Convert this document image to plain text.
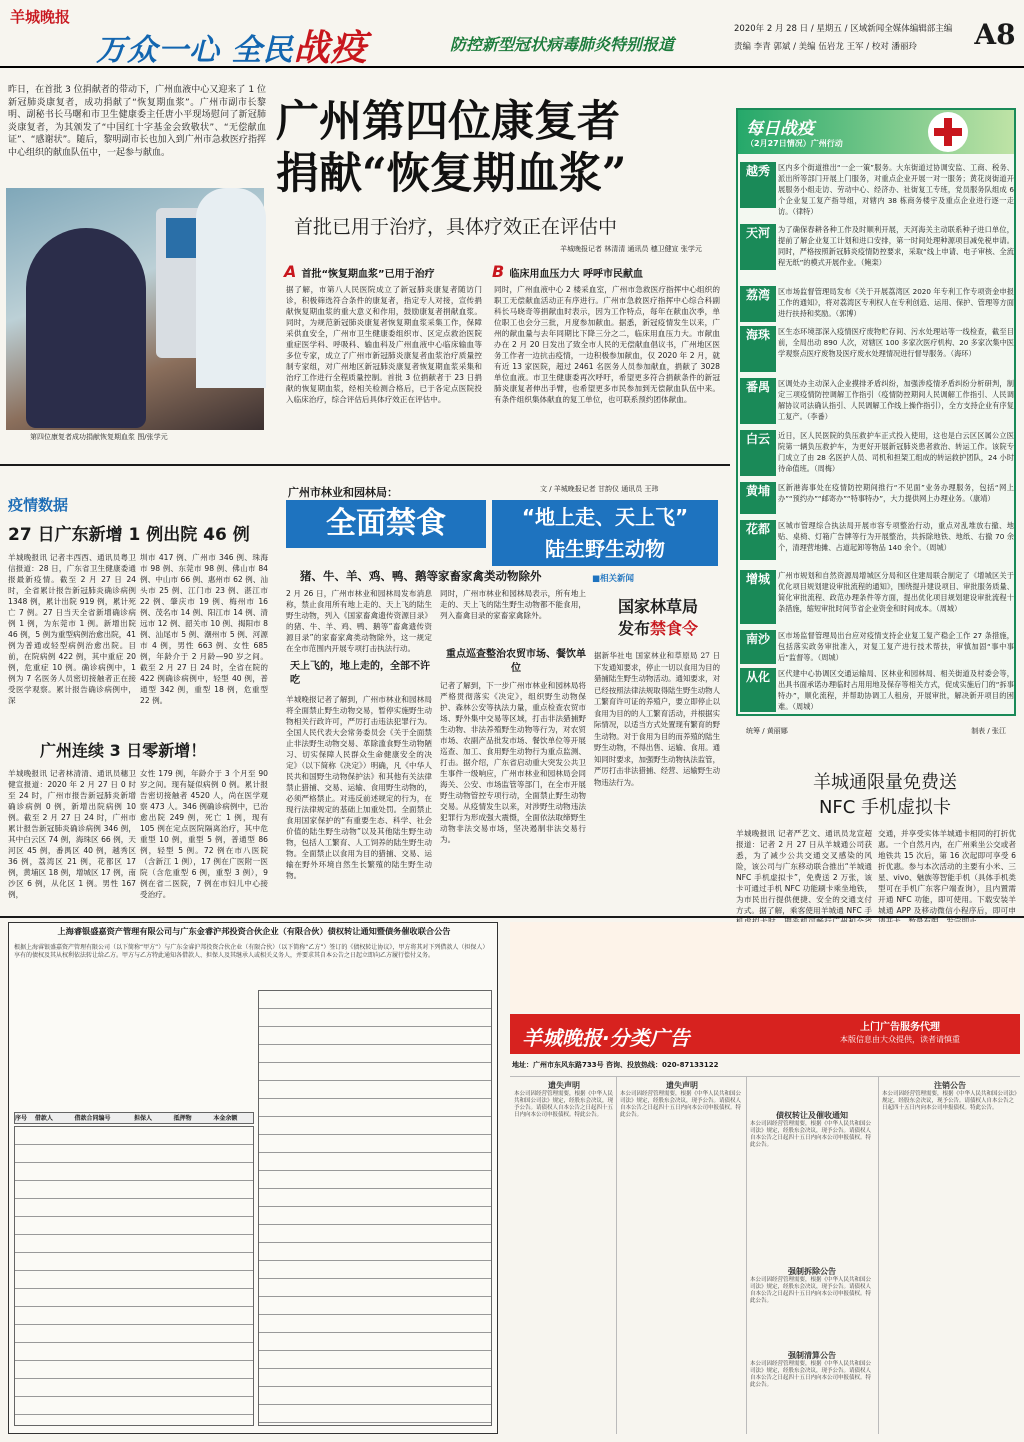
羊城晚报
万众一心 全民战疫	防控新型冠状病毒肺炎特别报道
2020年 2 月 28 日 / 星期五 / 区域新闻全媒体编辑部主编
责编 李青 郭斌 / 美编 伍岩龙 王军 / 校对 潘丽玲	A8
昨日，在首批 3 位捐献者的带动下，广州血液中心又迎来了 1 位新冠肺炎康复者，成功捐献了“恢复期血浆”。广州市副市长黎明、副秘书长马曙和市卫生健康委主任唐小平现场慰问了新冠肺炎康复者，为其颁发了“中国红十字基金会致敬状”、“无偿献血证”、“感谢状”。随后，黎明副市长也加入到广州市急救医疗指挥中心组织的献血队伍中，一起参与献血。
第四位康复者成功捐献恢复期血浆 图/张学元
广州第四位康复者
捐献“恢复期血浆”
首批已用于治疗，具体疗效正在评估中
羊城晚报记者 林清清 通讯员 穗卫健宣 张学元
A 首批“恢复期血浆”已用于治疗	B 临床用血压力大 呼呼市民献血
据了解，市第八人民医院成立了新冠肺炎康复者随访门诊，积极筛选符合条件的康复者，指定专人对接，宣传捐献恢复期血浆的重大意义和作用，鼓励康复者捐献血浆。同时，为规范新冠肺炎康复者恢复期血浆采集工作，保障采供血安全，广州市卫生健康委组织市、区定点救治医院重症医学科、呼吸科、输血科及广州血液中心临床输血等多位专家，成立了广州市新冠肺炎康复者血浆治疗质量控制专家组，对广州地区新冠肺炎康复者恢复期血浆采集和治疗工作进行全程质量控制。首批 3 位捐献者于 23 日捐献的恢复期血浆，经相关检测合格后，已于各定点医院投入临床治疗，综合评估后具体疗效正在评估中。
同时，广州血液中心 2 楼采血室，广州市急救医疗指挥中心组织的职工无偿献血活动正有序进行。广州市急救医疗指挥中心综合科副科长马晓奇等捐献血时表示，因为工作特点，每年在献血次季，单位职工也会分三批，月度参加献血。据悉，新冠疫情发生以来，广州的献血量与去年同期比下降三分之二，临床用血压力大。市献血办在 2 月 20 日发出了致全市人民的无偿献血倡议书，广州地区医务工作者一边抗击疫情，一边积极参加献血，仅 2020 年 2 月，就有近 13 家医院，超过 2461 名医务人员参加献血，捐献了 3028 单位血液。市卫生健康委再次呼吁，希望更多符合捐献条件的新冠肺炎康复者伸出手臂，也希望更多市民参加到无偿献血队伍中来。有条件组织集体献血的复工单位，也可联系预约团体献血。
每日战疫
（2月27日情况）广州行动
越秀	区内多个街道推出“一企一策”服务。大东街道过协调安监、工商、税务、派出所等部门开展上门服务，对重点企业开展一对一服务；黄花岗街道开展服务小组走访、劳动中心、经济办、社街复工专班，党员服务队组成 6 个企业复工复产指导组，对辖内 38 栋商务楼宇及重点企业进行逐一走访。（律特）
天河	为了确保春耕各种工作及时顺利开展，天河海关主动联系种子进口单位，提前了解企业复工计划和进口安排，第一时间处理种源项目减免税申请。同时，严格按照新冠肺炎疫情防控要求，采取“线上申请、电子审核、全流程无纸”的模式开展作业。（鲍栾）
荔湾	区市场监督管理局发布《关于开展荔湾区 2020 年专利工作专项资金申报工作的通知》，将对荔湾区专利权人在专利创造、运用、保护、管理等方面进行扶持和奖励。（郭博）
海珠	区生态环境部深入疫情医疗废物贮存间、污水处理站等一线检查，截至目前，全局出动 890 人次，对辖区 100 多家次医疗机构、20 多家次集中医学观察点医疗废物及医疗废水处理情况进行督导服务。（海环）
番禺	区调处办主动深入企业摸排矛盾纠纷，加强涉疫情矛盾纠纷分析研判，制定三项疫情防控调解工作指引（疫情防控期间人民调解工作指引、人民调解协议司法确认指引、人民调解工作线上操作指引），全方支持企业有序复工复产。（李番）
白云	近日，区人民医院的负压救护车正式投入使用，这也是白云区区属公立医院第一辆负压救护车，为更好开展新冠肺炎患者救治、转运工作。该院专门成立了由 28 名医护人员、司机和担架工组成的转运救护团队，24 小时待命值班。（周梅）
黄埔	区新港海事处在疫情防控期间推行“不见面”业务办理服务，包括“网上办”“预约办”“邮寄办”“特事特办”，大力提供网上办理业务。（康靖）
花都	区城市管理综合执法局开展市容专项整治行动，重点对乱堆放右撤、地贴、桌椅、灯箱广告牌等行为开展整治，共拆除地铁、地纸、右撤 70 余个，清理营地摊、占道起卸等物品 140 余个。（周城）
增城	广州市规划和自然资源局增城区分局和区住建局联合制定了《增城区关于优化项目规划建设审批流程的通知》，围绕提升建设项目、审批服务质量、简化审批流程、政范办理条件等方面，提出优化项目规划建设审批流程十条措施，缩短审批时间节省企业资金和时间成本。（周城）
南沙	区市场监督管理局出台应对疫情支持企业复工复产稳企工作 27 条措施，包括落实政务审批准入，对复工复产进行技术帮扶，审慎加固“事中事后”监督等。（周城）
从化	区代建中心协调区交通运输局、区林业和园林局、相关街道及村委会等，出具书面承诺办理临时占用用地及保存等相关方式，促成实施后门的“拆事特办”，顺化流程，并帮助协调工人租房，开展审批，解决新开项目的困难。（周城）
统筹 / 黄丽娜	制表 / 张江
疫情数据
27 日广东新增 1 例出院 46 例
羊城晚报讯 记者丰西西、通讯员粤卫信报道：28 日，广东省卫生健康委通报最新疫情。截至 2 月 27 日 24 时，全省累计报告新冠肺炎确诊病例 1348 例，累计出院 919 例，累计死亡 7 例。27 日当天全省新增确诊病例 1 例，为东莞市 1 例。新增出院 46 例，5 例为重型病例治愈出院，41 例为普通或轻型病例治愈出院。目前，在院病例 422 例，其中重症 20 例，危重症 10 例。确诊病例中，1 例为 7 名医务人员密切接触者正在接受医学观察。累计报告确诊病例中，深
圳市 417 例、广州市 346 例、珠海市 98 例、东莞市 98 例、佛山市 84 例、中山市 66 例、惠州市 62 例、汕头市 25 例、江门市 23 例、湛江市 22 例、肇庆市 19 例、梅州市 16 例、茂名市 14 例、阳江市 14 例、清远市 12 例、韶关市 10 例、揭阳市 8 例、汕尾市 5 例、潮州市 5 例、河源市 4 例，男性 663 例、女性 685 例，年龄介于 2 月龄—90 岁之间。截至 2 月 27 日 24 时，全省在院的 422 例确诊病例中，轻型 40 例，普通型 342 例，重型 18 例，危重型 22 例。
广州连续 3 日零新增！
羊城晚报讯 记者林清清、通讯员穗卫健宣报道：2020 年 2 月 27 日 0 时至 24 时，广州市报告新冠肺炎新增确诊病例 0 例，新增出院病例 10 例。截至 2 月 27 日 24 时，广州市累计报告新冠肺炎确诊病例 346 例，其中白云区 74 例，海珠区 66 例，天河区 45 例，番禺区 40 例，越秀区 36 例，荔湾区 21 例，花都区 17 例，黄埔区 18 例，增城区 17 例，南沙区 6 例，从化区 1 例。男性 167 例，
女性 179 例，年龄介于 3 个月至 90 岁之间。现有疑似病例 0 例。累计报告密切接触者 4520 人，尚在医学观察 473 人。346 例确诊病例中，已治愈出院 249 例，死亡 1 例，现有 105 例在定点医院隔离治疗，其中危重型 10 例，重型 5 例，普通型 86 例，轻型 5 例。72 例在市八医院（含新江 1 例），17 例在广医附一医院（含危重型 6 例，重型 3 例），9 例在省二医院，7 例在市妇儿中心接受治疗。
广州市林业和园林局：	文 / 羊城晚报记者 甘韵仪 通讯员 王玮
全面禁食	“地上走、天上飞”
陆生野生动物
猪、牛、羊、鸡、鸭、鹅等家畜家禽类动物除外
2 月 26 日，广州市林业和园林局发布消息称，禁止食用所有地上走的、天上飞的陆生野生动物，列入《国家畜禽遗传资源目录》的猪、牛、羊、鸡、鸭、鹅等“畜禽遗传资源目录”的家畜家禽类动物除外，这一规定在全市范围内开展专项打击执法行动。
天上飞的，地上走的，全部不许吃
羊城晚报记者了解到，广州市林业和园林局将全面禁止野生动物交易，暂停实施野生动物相关行政许可，严厉打击违法犯罪行为。全国人民代表大会常务委员会《关于全面禁止非法野生动物交易、革除滥食野生动物陋习、切实保障人民群众生命健康安全的决定》（以下简称《决定》）明确，凡《中华人民共和国野生动物保护法》和其他有关法律禁止猎捕、交易、运输、食用野生动物的，必须严格禁止。对违反前述规定的行为，在现行法律规定的基础上加重处罚。全面禁止食用国家保护的“有重要生态、科学、社会价值的陆生野生动物”以及其他陆生野生动物，包括人工繁育、人工饲养的陆生野生动物。全面禁止以食用为目的猎捕、交易、运输在野外环境自然生长繁殖的陆生野生动物。
同时，广州市林业和园林局表示，所有地上走的、天上飞的陆生野生动物都不能食用，列入畜禽目录的家畜家禽除外。
重点巡查整治农贸市场、餐饮单位
记者了解到，下一步广州市林业和园林局将严格贯彻落实《决定》，组织野生动物保护、森林公安等执法力量，重点检查农贸市场、野外集中交易等区域，打击非法猎捕野生动物、非法养殖野生动物等行为，对农贸市场、农副产品批发市场、餐饮单位等开展巡查、加工、食用野生动物行为重点监测、打击。据介绍，广东省启动重大突发公共卫生事件一级响应，广州市林业和园林局会同海关、公安、市场监管等部门，在全市开展野生动物管控专项行动，全面禁止野生动物交易。从疫情发生以来，对涉野生动物违法犯罪行为形成强大震慑，全面依法取缔野生动物非法交易市场，坚决遏制非法交易行为。
■相关新闻
国家林草局
发布禁食令
据新华社电 国家林业和草原局 27 日下发通知要求，停止一切以食用为目的猎捕陆生野生动物活动。通知要求，对已经按照法律法规取得陆生野生动物人工繁育许可证的养殖户，要立即停止以食用为目的的人工繁育活动，并根据实际情况，以适当方式处置现有繁育的野生动物。对于食用为目的而养殖的陆生野生动物，不得出售、运输、食用。通知同时要求，加强野生动物执法监管，严厉打击非法猎捕、经营、运输野生动物违法行为。	羊城通限量免费送
NFC 手机虚拟卡
羊城晚报讯 记者严艺文、通讯员龙宣超报道：记者 2 月 27 日从羊城通公司获悉，为了减少公共交通交叉感染的风险，该公司与广东移动联合推出“羊城通 NFC 手机虚拟卡”，免费送 2 万张，该卡可通过手机 NFC 功能刷卡乘坐地铁，为市民出行提供便捷、安全的交通支付方式。据了解，乘客使用羊城通 NFC 手
交通，并享受实体羊城通卡相同的打折优惠。一个自然月内，在广州乘坐公交或者地铁共 15 次后，第 16 次起即可享受 6 折优惠。参与本次活动的主要有小米、三星、vivo、魅族等智能手机（具体手机类型可在手机广东客户端查询），且内置需开通 NFC 功能，即可使用。下载安装羊城通 APP 及移动微信小程序后，即可申
上海睿银盛嘉资产管理有限公司与广东金睿沪邦投资合伙企业（有限合伙）债权转让通知暨债务催收联合公告
根据上海睿银盛嘉资产管理有限公司（以下简称“甲方”）与广东金睿沪邦投资合伙企业（有限合伙）（以下简称“乙方”）签订的《债权转让协议》，甲方将其对下列借款人（担保人）享有的债权及其从权利依法转让给乙方。甲方与乙方特此通知各借款人、担保人及其继承人或相关义务人，并要求其自本公告之日起立即向乙方履行偿付义务。
序号	借款人	借款合同编号	担保人	抵押物	本金余额
羊城晚报·分类广告	上门广告服务代理
本版信息由大众提供，读者请慎重
地址：广州市东风东路733号 咨询、投放热线：020-87133122
遗失声明
本公司因经营管理需要，根据《中华人民共和国公司法》规定，经股东会决议，现予公告。请债权人自本公告之日起四十五日内向本公司申报债权。特此公告。	债权转让及催收通知
本公司因经营管理需要，根据《中华人民共和国公司法》规定，经股东会决议，现予公告。请债权人自本公告之日起四十五日内向本公司申报债权。特此公告。
强制拆除公告
本公司因经营管理需要，根据《中华人民共和国公司法》规定，经股东会决议，现予公告。请债权人自本公告之日起四十五日内向本公司申报债权。特此公告。
强制清算公告
本公司因经营管理需要，根据《中华人民共和国公司法》规定，经股东会决议，现予公告。请债权人自本公告之日起四十五日内向本公司申报债权。特此公告。
注销公告
本公司因经营管理需要，根据《中华人民共和国公司法》规定，经股东会决议，现予公告。请债权人自本公告之日起四十五日内向本公司申报债权。特此公告。
遗失声明
本公司因经营管理需要，根据《中华人民共和国公司法》规定，经股东会决议，现予公告。请债权人自本公告之日起四十五日内向本公司申报债权。特此公告。
